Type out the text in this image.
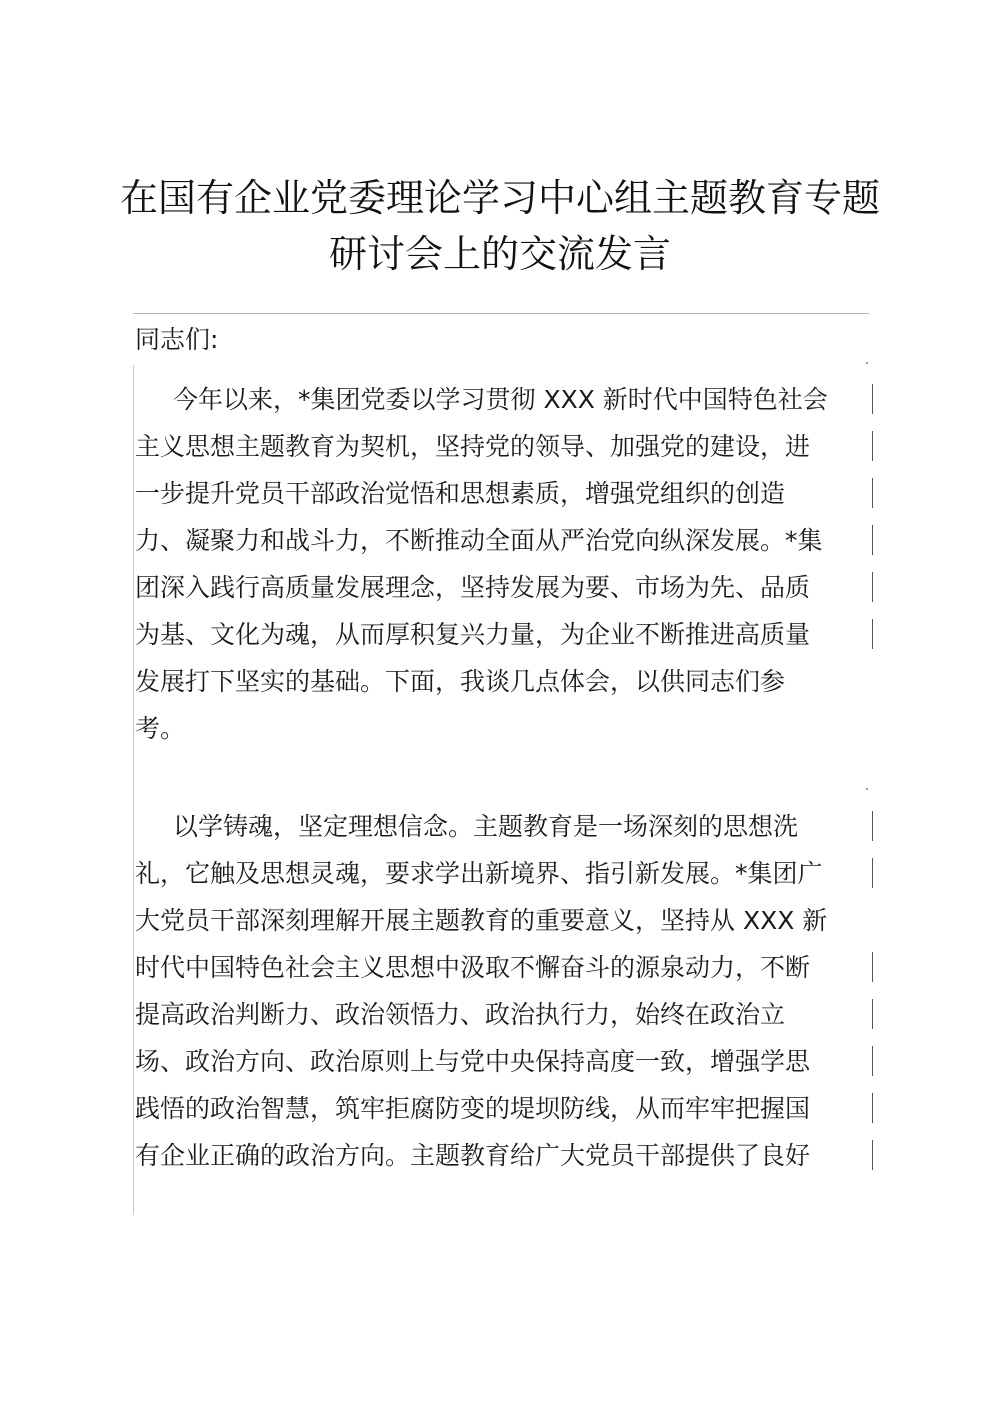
在国有企业党委理论学习中心组主题教育专题
研讨会上的交流发言

同志们:

今年以来，*集团党委以学习贯彻 XXX 新时代中国特色社会
主义思想主题教育为契机，坚持党的领导、加强党的建设，进
一步提升党员干部政治觉悟和思想素质，增强党组织的创造
力、凝聚力和战斗力，不断推动全面从严治党向纵深发展。*集
团深入践行高质量发展理念，坚持发展为要、市场为先、品质
为基、文化为魂，从而厚积复兴力量，为企业不断推进高质量
发展打下坚实的基础。下面，我谈几点体会，以供同志们参
考。
以学铸魂，坚定理想信念。主题教育是一场深刻的思想洗
礼，它触及思想灵魂，要求学出新境界、指引新发展。*集团广
大党员干部深刻理解开展主题教育的重要意义，坚持从 XXX 新
时代中国特色社会主义思想中汲取不懈奋斗的源泉动力，不断
提高政治判断力、政治领悟力、政治执行力，始终在政治立
场、政治方向、政治原则上与党中央保持高度一致，增强学思
践悟的政治智慧，筑牢拒腐防变的堤坝防线，从而牢牢把握国
有企业正确的政治方向。主题教育给广大党员干部提供了良好
